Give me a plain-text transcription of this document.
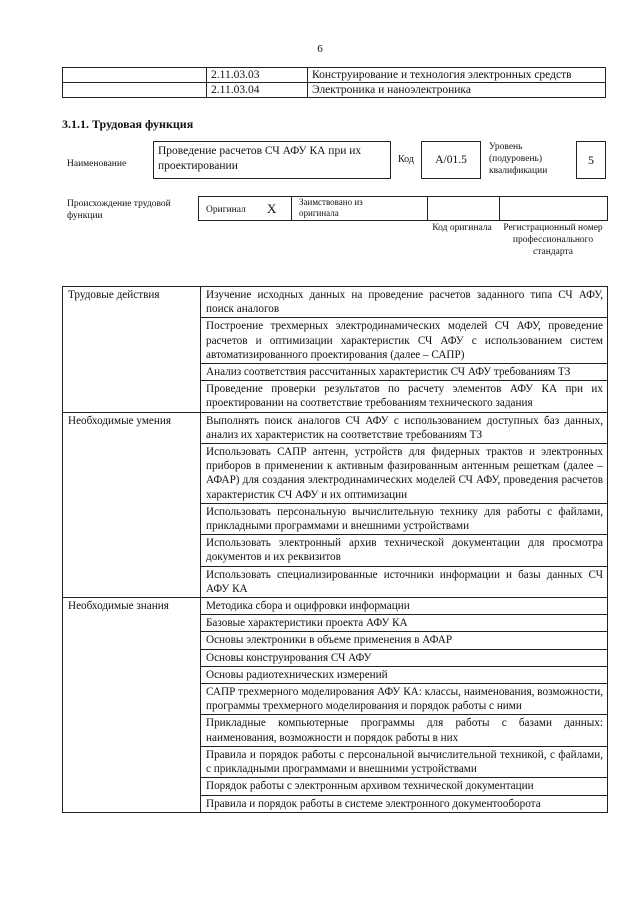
6
	2.11.03.03	Конструирование и технология электронных средств
	2.11.03.04	Электроника и наноэлектроника
3.1.1. Трудовая функция
Наименование
Проведение расчетов СЧ АФУ КА при их проектировании
Код	A/01.5
Уровень (подуровень) квалификации
5
Происхождение трудовой функции
Оригинал X	Заимствовано из оригинала
Код оригинала	Регистрационный номер профессионального стандарта
Трудовые действия	Изучение исходных данных на проведение расчетов заданного типа СЧ АФУ, поиск аналогов
	Построение трехмерных электродинамических моделей СЧ АФУ, проведение расчетов и оптимизации характеристик СЧ АФУ с использованием систем автоматизированного проектирования (далее – САПР)
	Анализ соответствия рассчитанных характеристик СЧ АФУ требованиям ТЗ
	Проведение проверки результатов по расчету элементов АФУ КА при их проектировании на соответствие требованиям технического задания
Необходимые умения	Выполнять поиск аналогов СЧ АФУ с использованием доступных баз данных, анализ их характеристик на соответствие требованиям ТЗ
	Использовать САПР антенн, устройств для фидерных трактов и электронных приборов в применении к активным фазированным антенным решеткам (далее – АФАР) для создания электродинамических моделей СЧ АФУ, проведения расчетов характеристик СЧ АФУ и их оптимизации
	Использовать персональную вычислительную технику для работы с файлами, прикладными программами и внешними устройствами
	Использовать электронный архив технической документации для просмотра документов и их реквизитов
	Использовать специализированные источники информации и базы данных СЧ АФУ КА
Необходимые знания	Методика сбора и оцифровки информации
	Базовые характеристики проекта АФУ КА
	Основы электроники в объеме применения в АФАР
	Основы конструирования СЧ АФУ
	Основы радиотехнических измерений
	САПР трехмерного моделирования АФУ КА: классы, наименования, возможности, программы трехмерного моделирования и порядок работы с ними
	Прикладные компьютерные программы для работы с базами данных: наименования, возможности и порядок работы в них
	Правила и порядок работы с персональной вычислительной техникой, с файлами, с прикладными программами и внешними устройствами
	Порядок работы с электронным архивом технической документации
	Правила и порядок работы в системе электронного документооборота
